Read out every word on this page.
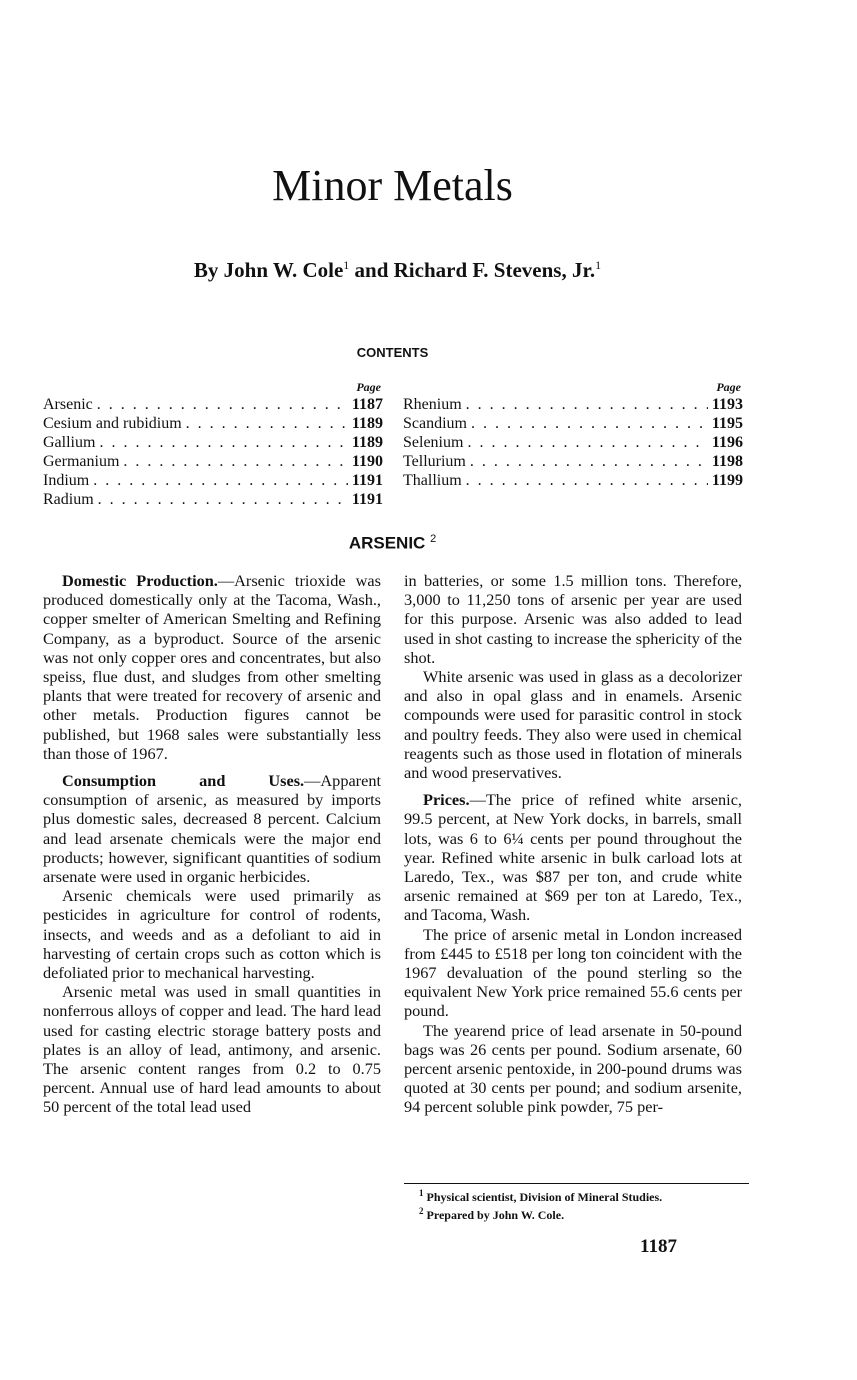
Minor Metals
By John W. Cole$^1$ and Richard F. Stevens, Jr.$^1$
CONTENTS
Page
Arsenic . . .	1187
Cesium and rubidium . . .	1189
Gallium . . .	1189
Germanium . . .	1190
Indium . . .	1191
Radium . . .	1191
Page
Rhenium . . .	1193
Scandium . . .	1195
Selenium . . .	1196
Tellurium . . .	1198
Thallium . . .	1199
ARSENIC $^2$

Domestic Production.—Arsenic trioxide was produced domestically only at the Tacoma, Wash., copper smelter of American Smelting and Refining Company, as a byproduct. Source of the arsenic was not only copper ores and concentrates, but also speiss, flue dust, and sludges from other smelting plants that were treated for recovery of arsenic and other metals. Production figures cannot be published, but 1968 sales were substantially less than those of 1967.

Consumption and Uses.—Apparent consumption of arsenic, as measured by imports plus domestic sales, decreased 8 percent. Calcium and lead arsenate chemicals were the major end products; however, significant quantities of sodium arsenate were used in organic herbicides.

Arsenic chemicals were used primarily as pesticides in agriculture for control of rodents, insects, and weeds and as a defoliant to aid in harvesting of certain crops such as cotton which is defoliated prior to mechanical harvesting.

Arsenic metal was used in small quantities in nonferrous alloys of copper and lead. The hard lead used for casting electric storage battery posts and plates is an alloy of lead, antimony, and arsenic. The arsenic content ranges from 0.2 to 0.75 percent. Annual use of hard lead amounts to about 50 percent of the total lead used

in batteries, or some 1.5 million tons. Therefore, 3,000 to 11,250 tons of arsenic per year are used for this purpose. Arsenic was also added to lead used in shot casting to increase the sphericity of the shot.

White arsenic was used in glass as a decolorizer and also in opal glass and in enamels. Arsenic compounds were used for parasitic control in stock and poultry feeds. They also were used in chemical reagents such as those used in flotation of minerals and wood preservatives.

Prices.—The price of refined white arsenic, 99.5 percent, at New York docks, in barrels, small lots, was 6 to 6¼ cents per pound throughout the year. Refined white arsenic in bulk carload lots at Laredo, Tex., was $87 per ton, and crude white arsenic remained at $69 per ton at Laredo, Tex., and Tacoma, Wash.

The price of arsenic metal in London increased from £445 to £518 per long ton coincident with the 1967 devaluation of the pound sterling so the equivalent New York price remained 55.6 cents per pound.

The yearend price of lead arsenate in 50-pound bags was 26 cents per pound. Sodium arsenate, 60 percent arsenic pentoxide, in 200-pound drums was quoted at 30 cents per pound; and sodium arsenite, 94 percent soluble pink powder, 75 per-

$^1$ Physical scientist, Division of Mineral Studies.
$^2$ Prepared by John W. Cole.
1187
